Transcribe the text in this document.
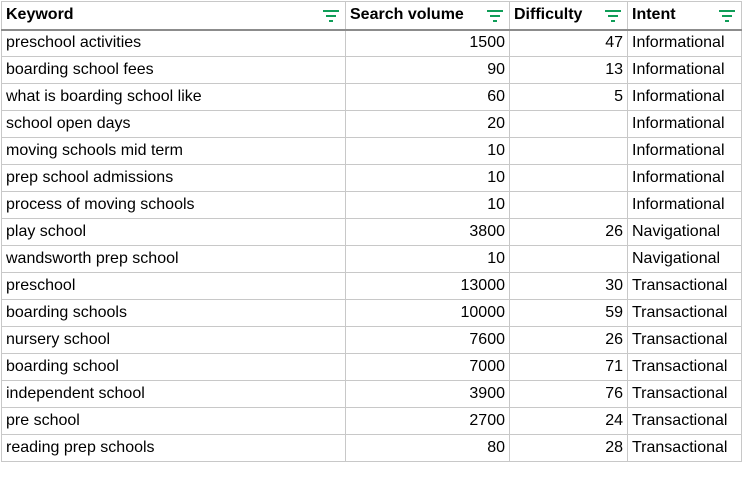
Keyword	Search volume	Difficulty	Intent

preschool activities	1500	47	Informational
boarding school fees	90	13	Informational
what is boarding school like	60	5	Informational
school open days	20		Informational
moving schools mid term	10		Informational
prep school admissions	10		Informational
process of moving schools	10		Informational
play school	3800	26	Navigational
wandsworth prep school	10		Navigational
preschool	13000	30	Transactional
boarding schools	10000	59	Transactional
nursery school	7600	26	Transactional
boarding school	7000	71	Transactional
independent school	3900	76	Transactional
pre school	2700	24	Transactional
reading prep schools	80	28	Transactional
